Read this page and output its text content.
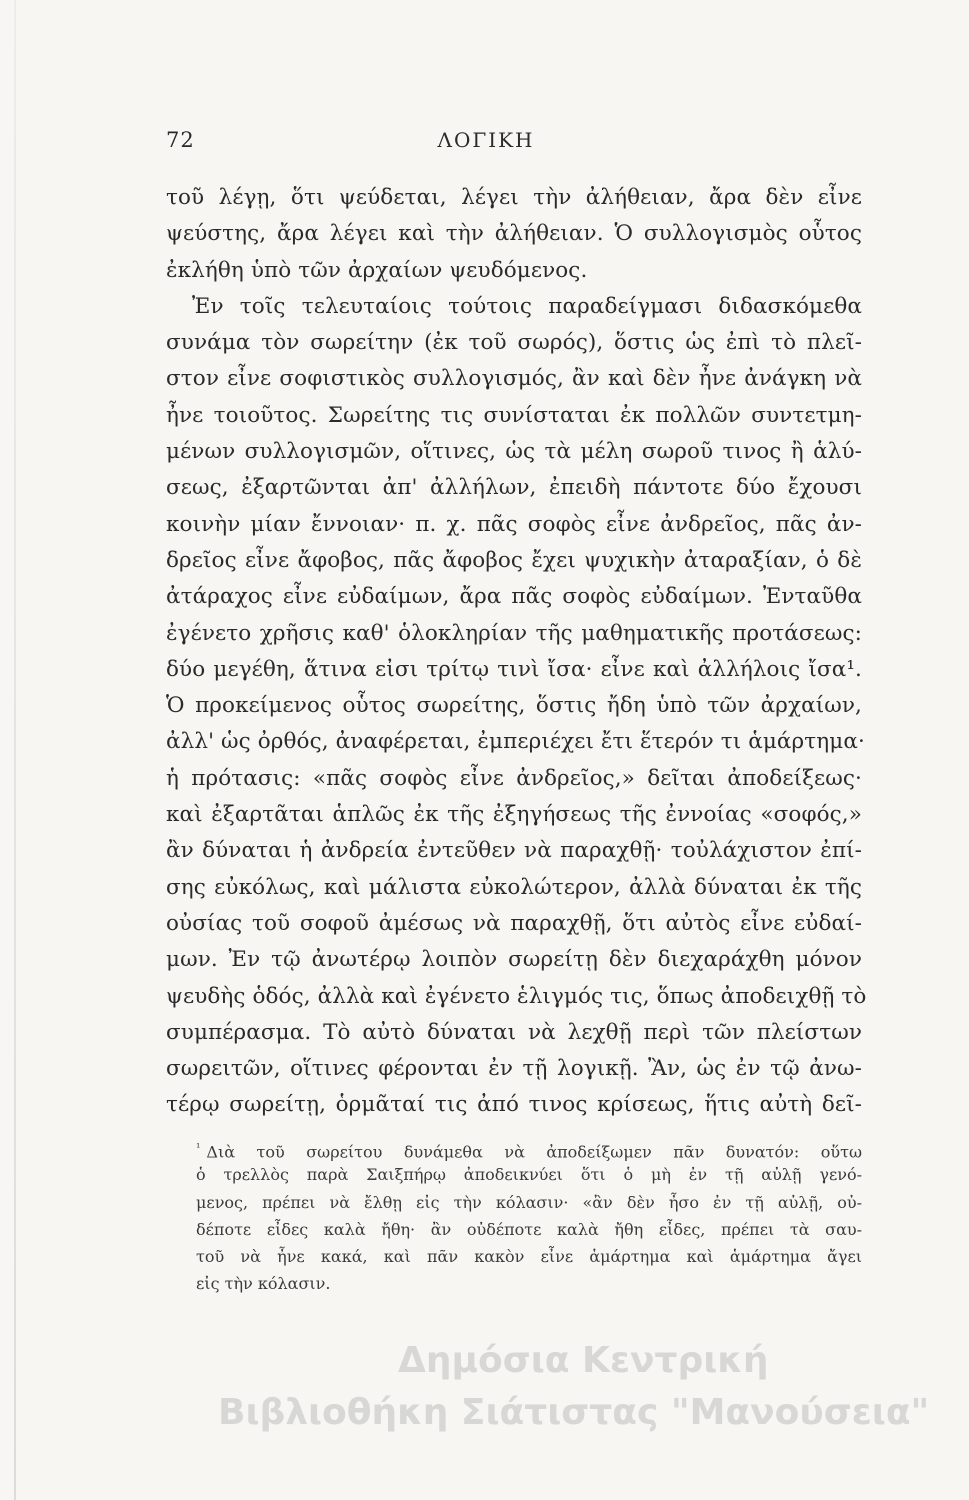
72	ΛΟΓΙΚΗ
τοῦ λέγῃ, ὅτι ψεύδεται, λέγει τὴν ἀλήθειαν, ἄρα δὲν εἶνε
ψεύστης, ἄρα λέγει καὶ τὴν ἀλήθειαν. Ὁ συλλογισμὸς οὗτος
ἐκλήθη ὑπὸ τῶν ἀρχαίων ψευδόμενος.
Ἐν τοῖς τελευταίοις τούτοις παραδείγμασι διδασκόμεθα
συνάμα τὸν σωρείτην (ἐκ τοῦ σωρός), ὅστις ὡς ἐπὶ τὸ πλεῖ-
στον εἶνε σοφιστικὸς συλλογισμός, ἂν καὶ δὲν ἦνε ἀνάγκη νὰ
ἦνε τοιοῦτος. Σωρείτης τις συνίσταται ἐκ πολλῶν συντετμη-
μένων συλλογισμῶν, οἵτινες, ὡς τὰ μέλη σωροῦ τινος ἢ ἁλύ-
σεως, ἐξαρτῶνται ἀπ' ἀλλήλων, ἐπειδὴ πάντοτε δύο ἔχουσι
κοινὴν μίαν ἔννοιαν· π. χ. πᾶς σοφὸς εἶνε ἀνδρεῖος, πᾶς ἀν-
δρεῖος εἶνε ἄφοβος, πᾶς ἄφοβος ἔχει ψυχικὴν ἀταραξίαν, ὁ δὲ
ἀτάραχος εἶνε εὐδαίμων, ἄρα πᾶς σοφὸς εὐδαίμων. Ἐνταῦθα
ἐγένετο χρῆσις καθ' ὁλοκληρίαν τῆς μαθηματικῆς προτάσεως:
δύο μεγέθη, ἅτινα εἰσι τρίτῳ τινὶ ἴσα· εἶνε καὶ ἀλλήλοις ἴσα¹.
Ὁ προκείμενος οὗτος σωρείτης, ὅστις ἤδη ὑπὸ τῶν ἀρχαίων,
ἀλλ' ὡς ὀρθός, ἀναφέρεται, ἐμπεριέχει ἔτι ἕτερόν τι ἁμάρτημα·
ἡ πρότασις: «πᾶς σοφὸς εἶνε ἀνδρεῖος,» δεῖται ἀποδείξεως·
καὶ ἐξαρτᾶται ἁπλῶς ἐκ τῆς ἐξηγήσεως τῆς ἐννοίας «σοφός,»
ἂν δύναται ἡ ἀνδρεία ἐντεῦθεν νὰ παραχθῇ· τοὐλάχιστον ἐπί-
σης εὐκόλως, καὶ μάλιστα εὐκολώτερον, ἀλλὰ δύναται ἐκ τῆς
οὐσίας τοῦ σοφοῦ ἀμέσως νὰ παραχθῇ, ὅτι αὐτὸς εἶνε εὐδαί-
μων. Ἐν τῷ ἀνωτέρῳ λοιπὸν σωρείτῃ δὲν διεχαράχθη μόνον
ψευδὴς ὁδός, ἀλλὰ καὶ ἐγένετο ἑλιγμός τις, ὅπως ἀποδειχθῇ τὸ
συμπέρασμα. Τὸ αὐτὸ δύναται νὰ λεχθῇ περὶ τῶν πλείστων
σωρειτῶν, οἵτινες φέρονται ἐν τῇ λογικῇ. Ἂν, ὡς ἐν τῷ ἀνω-
τέρῳ σωρείτῃ, ὁρμᾶταί τις ἀπό τινος κρίσεως, ἥτις αὐτὴ δεῖ-
$^{^1}$ Διὰ τοῦ σωρείτου δυνάμεθα νὰ ἀποδείξωμεν πᾶν δυνατόν: οὕτω
ὁ τρελλὸς παρὰ Σαιξπήρῳ ἀποδεικνύει ὅτι ὁ μὴ ἐν τῇ αὐλῇ γενό-
μενος, πρέπει νὰ ἔλθῃ εἰς τὴν κόλασιν· «ἂν δὲν ἦσο ἐν τῇ αὐλῇ, οὐ-
δέποτε εἶδες καλὰ ἤθη· ἂν οὐδέποτε καλὰ ἤθη εἶδες, πρέπει τὰ σαυ-
τοῦ νὰ ἦνε κακά, καὶ πᾶν κακὸν εἶνε ἁμάρτημα καὶ ἁμάρτημα ἄγει
εἰς τὴν κόλασιν.
Δημόσια Κεντρική
Βιβλιοθήκη Σιάτιστας "Μανούσεια"
